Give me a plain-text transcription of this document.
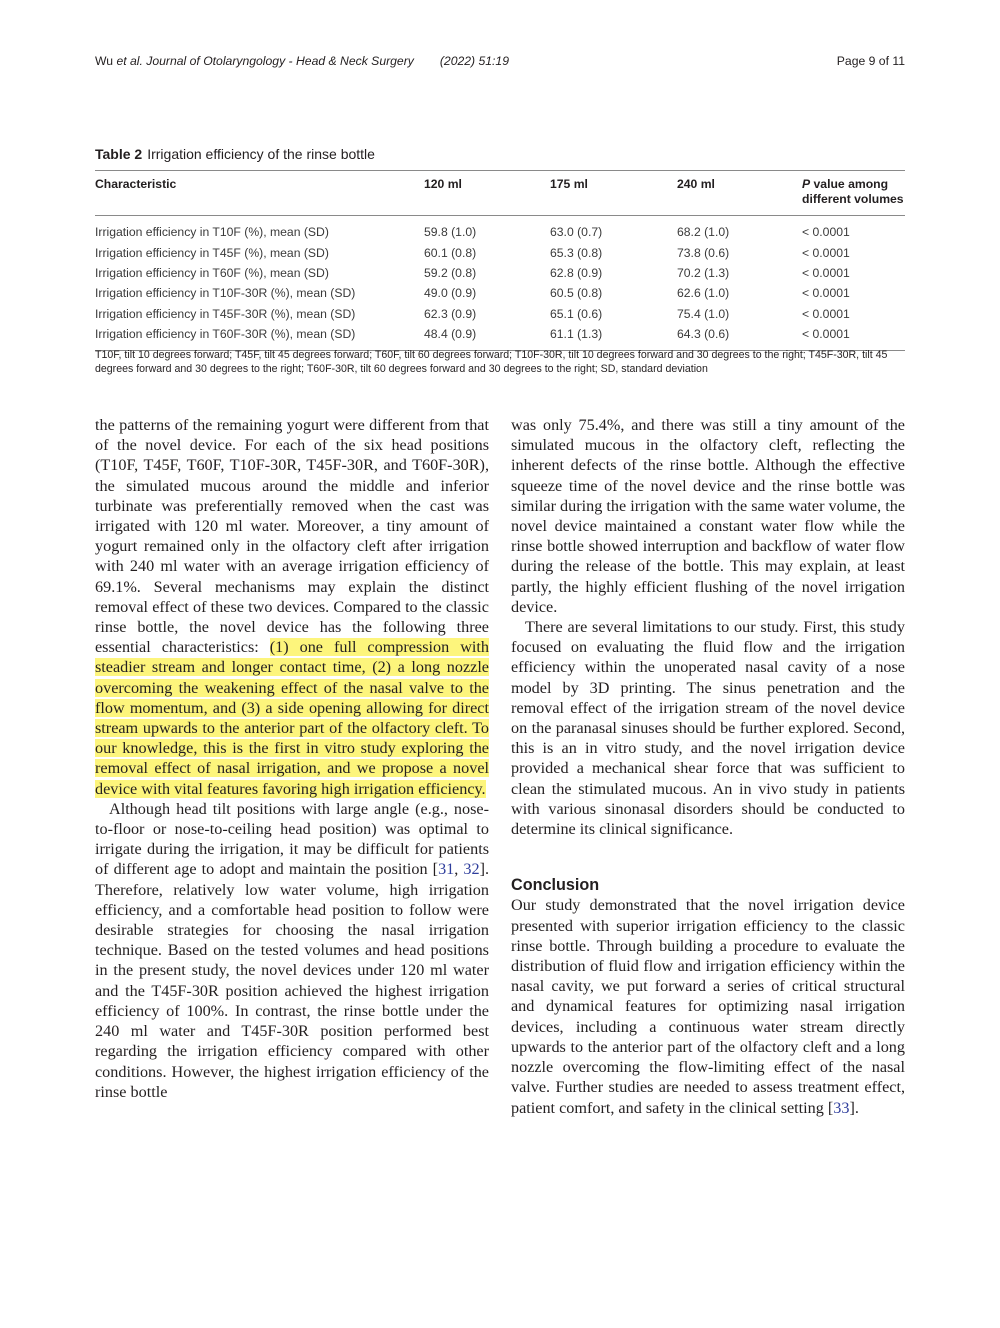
Wu et al. Journal of Otolaryngology - Head & Neck Surgery (2022) 51:19	Page 9 of 11
Table 2 Irrigation efficiency of the rinse bottle
Characteristic	120 ml	175 ml	240 ml	P value among different volumes
Irrigation efficiency in T10F (%), mean (SD)	59.8 (1.0)	63.0 (0.7)	68.2 (1.0)	< 0.0001
Irrigation efficiency in T45F (%), mean (SD)	60.1 (0.8)	65.3 (0.8)	73.8 (0.6)	< 0.0001
Irrigation efficiency in T60F (%), mean (SD)	59.2 (0.8)	62.8 (0.9)	70.2 (1.3)	< 0.0001
Irrigation efficiency in T10F-30R (%), mean (SD)	49.0 (0.9)	60.5 (0.8)	62.6 (1.0)	< 0.0001
Irrigation efficiency in T45F-30R (%), mean (SD)	62.3 (0.9)	65.1 (0.6)	75.4 (1.0)	< 0.0001
Irrigation efficiency in T60F-30R (%), mean (SD)	48.4 (0.9)	61.1 (1.3)	64.3 (0.6)	< 0.0001
T10F, tilt 10 degrees forward; T45F, tilt 45 degrees forward; T60F, tilt 60 degrees forward; T10F-30R, tilt 10 degrees forward and 30 degrees to the right; T45F-30R, tilt 45 degrees forward and 30 degrees to the right; T60F-30R, tilt 60 degrees forward and 30 degrees to the right; SD, standard deviation

the patterns of the remaining yogurt were different from that of the novel device. For each of the six head positions (T10F, T45F, T60F, T10F-30R, T45F-30R, and T60F-30R), the simulated mucous around the middle and inferior turbinate was preferentially removed when the cast was irrigated with 120 ml water. Moreover, a tiny amount of yogurt remained only in the olfactory cleft after irrigation with 240 ml water with an average irrigation efficiency of 69.1%. Several mechanisms may explain the distinct removal effect of these two devices. Compared to the classic rinse bottle, the novel device has the following three essential characteristics: (1) one full compression with steadier stream and longer contact time, (2) a long nozzle overcoming the weakening effect of the nasal valve to the flow momentum, and (3) a side opening allowing for direct stream upwards to the anterior part of the olfactory cleft. To our knowledge, this is the first in vitro study exploring the removal effect of nasal irrigation, and we propose a novel device with vital features favoring high irrigation efficiency.

Although head tilt positions with large angle (e.g., nose-to-floor or nose-to-ceiling head position) was optimal to irrigate during the irrigation, it may be difficult for patients of different age to adopt and maintain the position [31, 32]. Therefore, relatively low water volume, high irrigation efficiency, and a comfortable head position to follow were desirable strategies for choosing the nasal irrigation technique. Based on the tested volumes and head positions in the present study, the novel devices under 120 ml water and the T45F-30R position achieved the highest irrigation efficiency of 100%. In contrast, the rinse bottle under the 240 ml water and T45F-30R position performed best regarding the irrigation efficiency compared with other conditions. However, the highest irrigation efficiency of the rinse bottle

was only 75.4%, and there was still a tiny amount of the simulated mucous in the olfactory cleft, reflecting the inherent defects of the rinse bottle. Although the effective squeeze time of the novel device and the rinse bottle was similar during the irrigation with the same water volume, the novel device maintained a constant water flow while the rinse bottle showed interruption and backflow of water flow during the release of the bottle. This may explain, at least partly, the highly efficient flushing of the novel irrigation device.

There are several limitations to our study. First, this study focused on evaluating the fluid flow and the irrigation efficiency within the unoperated nasal cavity of a nose model by 3D printing. The sinus penetration and the removal effect of the irrigation stream of the novel device on the paranasal sinuses should be further explored. Second, this is an in vitro study, and the novel irrigation device provided a mechanical shear force that was sufficient to clean the stimulated mucous. An in vivo study in patients with various sinonasal disorders should be conducted to determine its clinical significance.

Conclusion

Our study demonstrated that the novel irrigation device presented with superior irrigation efficiency to the classic rinse bottle. Through building a procedure to evaluate the distribution of fluid flow and irrigation efficiency within the nasal cavity, we put forward a series of critical structural and dynamical features for optimizing nasal irrigation devices, including a continuous water stream directly upwards to the anterior part of the olfactory cleft and a long nozzle overcoming the flow-limiting effect of the nasal valve. Further studies are needed to assess treatment effect, patient comfort, and safety in the clinical setting [33].
